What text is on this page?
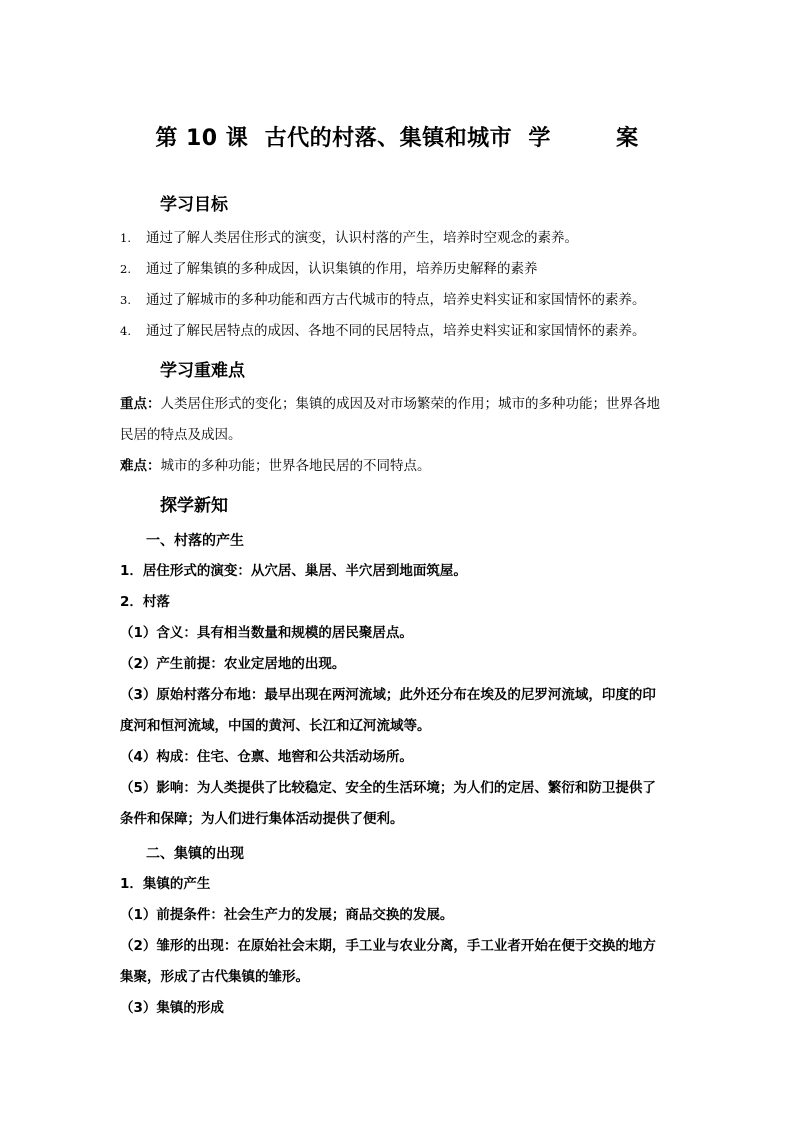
第 10 课  古代的村落、集镇和城市  学        案
学习目标
1. 通过了解人类居住形式的演变，认识村落的产生，培养时空观念的素养。
2. 通过了解集镇的多种成因，认识集镇的作用，培养历史解释的素养
3. 通过了解城市的多种功能和西方古代城市的特点，培养史料实证和家国情怀的素养。
4. 通过了解民居特点的成因、各地不同的民居特点，培养史料实证和家国情怀的素养。
学习重难点
重点：人类居住形式的变化；集镇的成因及对市场繁荣的作用；城市的多种功能；世界各地
民居的特点及成因。
难点：城市的多种功能；世界各地民居的不同特点。
探学新知
一、村落的产生
1．居住形式的演变：从穴居、巢居、半穴居到地面筑屋。
2．村落
（1）含义：具有相当数量和规模的居民聚居点。
（2）产生前提：农业定居地的出现。
（3）原始村落分布地：最早出现在两河流域；此外还分布在埃及的尼罗河流域，印度的印
度河和恒河流域，中国的黄河、长江和辽河流域等。
（4）构成：住宅、仓禀、地窖和公共活动场所。
（5）影响：为人类提供了比较稳定、安全的生活环境；为人们的定居、繁衍和防卫提供了
条件和保障；为人们进行集体活动提供了便利。
二、集镇的出现
1．集镇的产生
（1）前提条件：社会生产力的发展；商品交换的发展。
（2）雏形的出现：在原始社会末期，手工业与农业分离，手工业者开始在便于交换的地方
集聚，形成了古代集镇的雏形。
（3）集镇的形成
